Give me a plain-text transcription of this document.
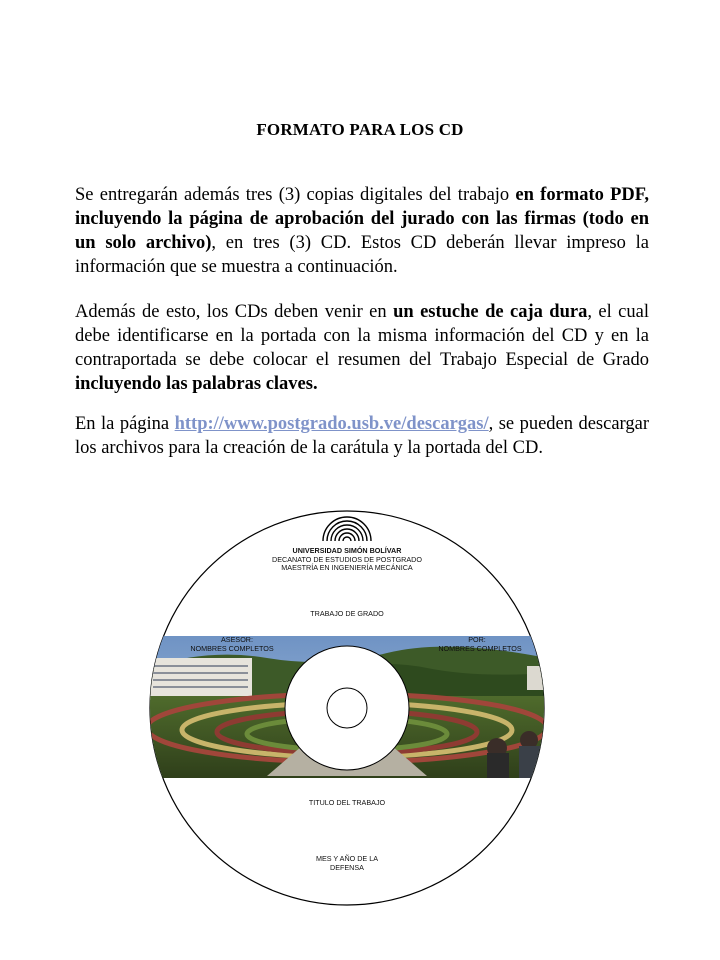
FORMATO PARA LOS CD

Se entregarán además tres (3) copias digitales del trabajo en formato PDF, incluyendo la página de aprobación del jurado con las firmas (todo en un solo archivo), en tres (3) CD. Estos CD deberán llevar impreso la información que se muestra a continuación.

Además de esto, los CDs deben venir en un estuche de caja dura, el cual debe identificarse en la portada con la misma información del CD y en la contraportada se debe colocar el resumen del Trabajo Especial de Grado incluyendo las palabras claves.

En la página http://www.postgrado.usb.ve/descargas/, se pueden descargar los archivos para la creación de la carátula y la portada del CD.

UNIVERSIDAD SIMÓN BOLÍVAR
DECANATO DE ESTUDIOS DE POSTGRADO
MAESTRÍA EN INGENIERÍA MECÁNICA
TRABAJO DE GRADO
ASESOR:
NOMBRES COMPLETOS
POR:
NOMBRES COMPLETOS
TITULO DEL TRABAJO
MES Y AÑO DE LA
DEFENSA
